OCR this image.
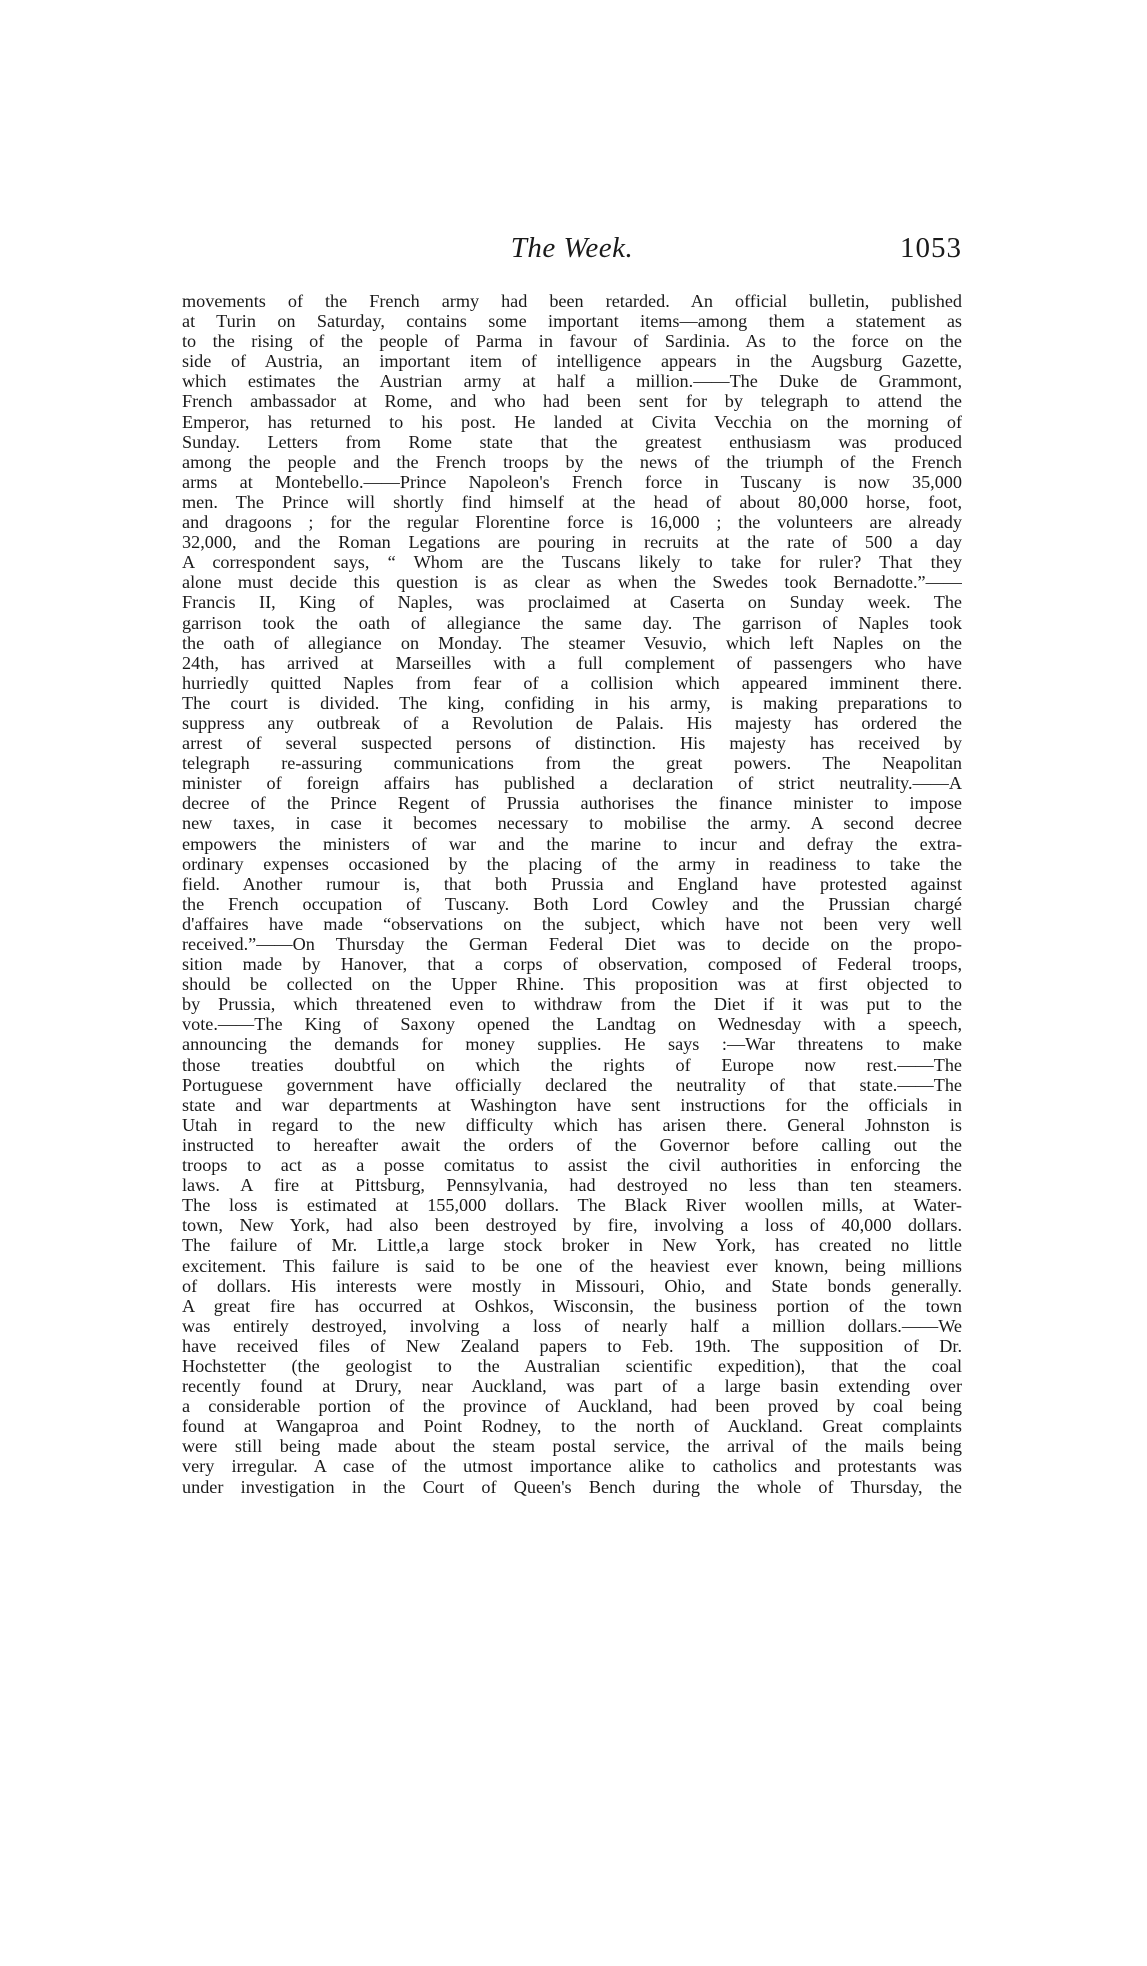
The Week.	1053
movements of the French army had been retarded. An official bulletin, published
at Turin on Saturday, contains some important items—among them a statement as
to the rising of the people of Parma in favour of Sardinia. As to the force on the
side of Austria, an important item of intelligence appears in the Augsburg Gazette,
which estimates the Austrian army at half a million.——The Duke de Grammont,
French ambassador at Rome, and who had been sent for by telegraph to attend the
Emperor, has returned to his post. He landed at Civita Vecchia on the morning of
Sunday. Letters from Rome state that the greatest enthusiasm was produced
among the people and the French troops by the news of the triumph of the French
arms at Montebello.——Prince Napoleon's French force in Tuscany is now 35,000
men. The Prince will shortly find himself at the head of about 80,000 horse, foot,
and dragoons ; for the regular Florentine force is 16,000 ; the volunteers are already
32,000, and the Roman Legations are pouring in recruits at the rate of 500 a day
A correspondent says, “ Whom are the Tuscans likely to take for ruler? That they
alone must decide this question is as clear as when the Swedes took Bernadotte.”——
Francis II, King of Naples, was proclaimed at Caserta on Sunday week. The
garrison took the oath of allegiance the same day. The garrison of Naples took
the oath of allegiance on Monday. The steamer Vesuvio, which left Naples on the
24th, has arrived at Marseilles with a full complement of passengers who have
hurriedly quitted Naples from fear of a collision which appeared imminent there.
The court is divided. The king, confiding in his army, is making preparations to
suppress any outbreak of a Revolution de Palais. His majesty has ordered the
arrest of several suspected persons of distinction. His majesty has received by
telegraph re-assuring communications from the great powers. The Neapolitan
minister of foreign affairs has published a declaration of strict neutrality.——A
decree of the Prince Regent of Prussia authorises the finance minister to impose
new taxes, in case it becomes necessary to mobilise the army. A second decree
empowers the ministers of war and the marine to incur and defray the extra-
ordinary expenses occasioned by the placing of the army in readiness to take the
field. Another rumour is, that both Prussia and England have protested against
the French occupation of Tuscany. Both Lord Cowley and the Prussian chargé
d'affaires have made “observations on the subject, which have not been very well
received.”——On Thursday the German Federal Diet was to decide on the propo-
sition made by Hanover, that a corps of observation, composed of Federal troops,
should be collected on the Upper Rhine. This proposition was at first objected to
by Prussia, which threatened even to withdraw from the Diet if it was put to the
vote.——The King of Saxony opened the Landtag on Wednesday with a speech,
announcing the demands for money supplies. He says :—War threatens to make
those treaties doubtful on which the rights of Europe now rest.——The
Portuguese government have officially declared the neutrality of that state.——The
state and war departments at Washington have sent instructions for the officials in
Utah in regard to the new difficulty which has arisen there. General Johnston is
instructed to hereafter await the orders of the Governor before calling out the
troops to act as a posse comitatus to assist the civil authorities in enforcing the
laws. A fire at Pittsburg, Pennsylvania, had destroyed no less than ten steamers.
The loss is estimated at 155,000 dollars. The Black River woollen mills, at Water-
town, New York, had also been destroyed by fire, involving a loss of 40,000 dollars.
The failure of Mr. Little,a large stock broker in New York, has created no little
excitement. This failure is said to be one of the heaviest ever known, being millions
of dollars. His interests were mostly in Missouri, Ohio, and State bonds generally.
A great fire has occurred at Oshkos, Wisconsin, the business portion of the town
was entirely destroyed, involving a loss of nearly half a million dollars.——We
have received files of New Zealand papers to Feb. 19th. The supposition of Dr.
Hochstetter (the geologist to the Australian scientific expedition), that the coal
recently found at Drury, near Auckland, was part of a large basin extending over
a considerable portion of the province of Auckland, had been proved by coal being
found at Wangaproa and Point Rodney, to the north of Auckland. Great complaints
were still being made about the steam postal service, the arrival of the mails being
very irregular. A case of the utmost importance alike to catholics and protestants was
under investigation in the Court of Queen's Bench during the whole of Thursday, the
